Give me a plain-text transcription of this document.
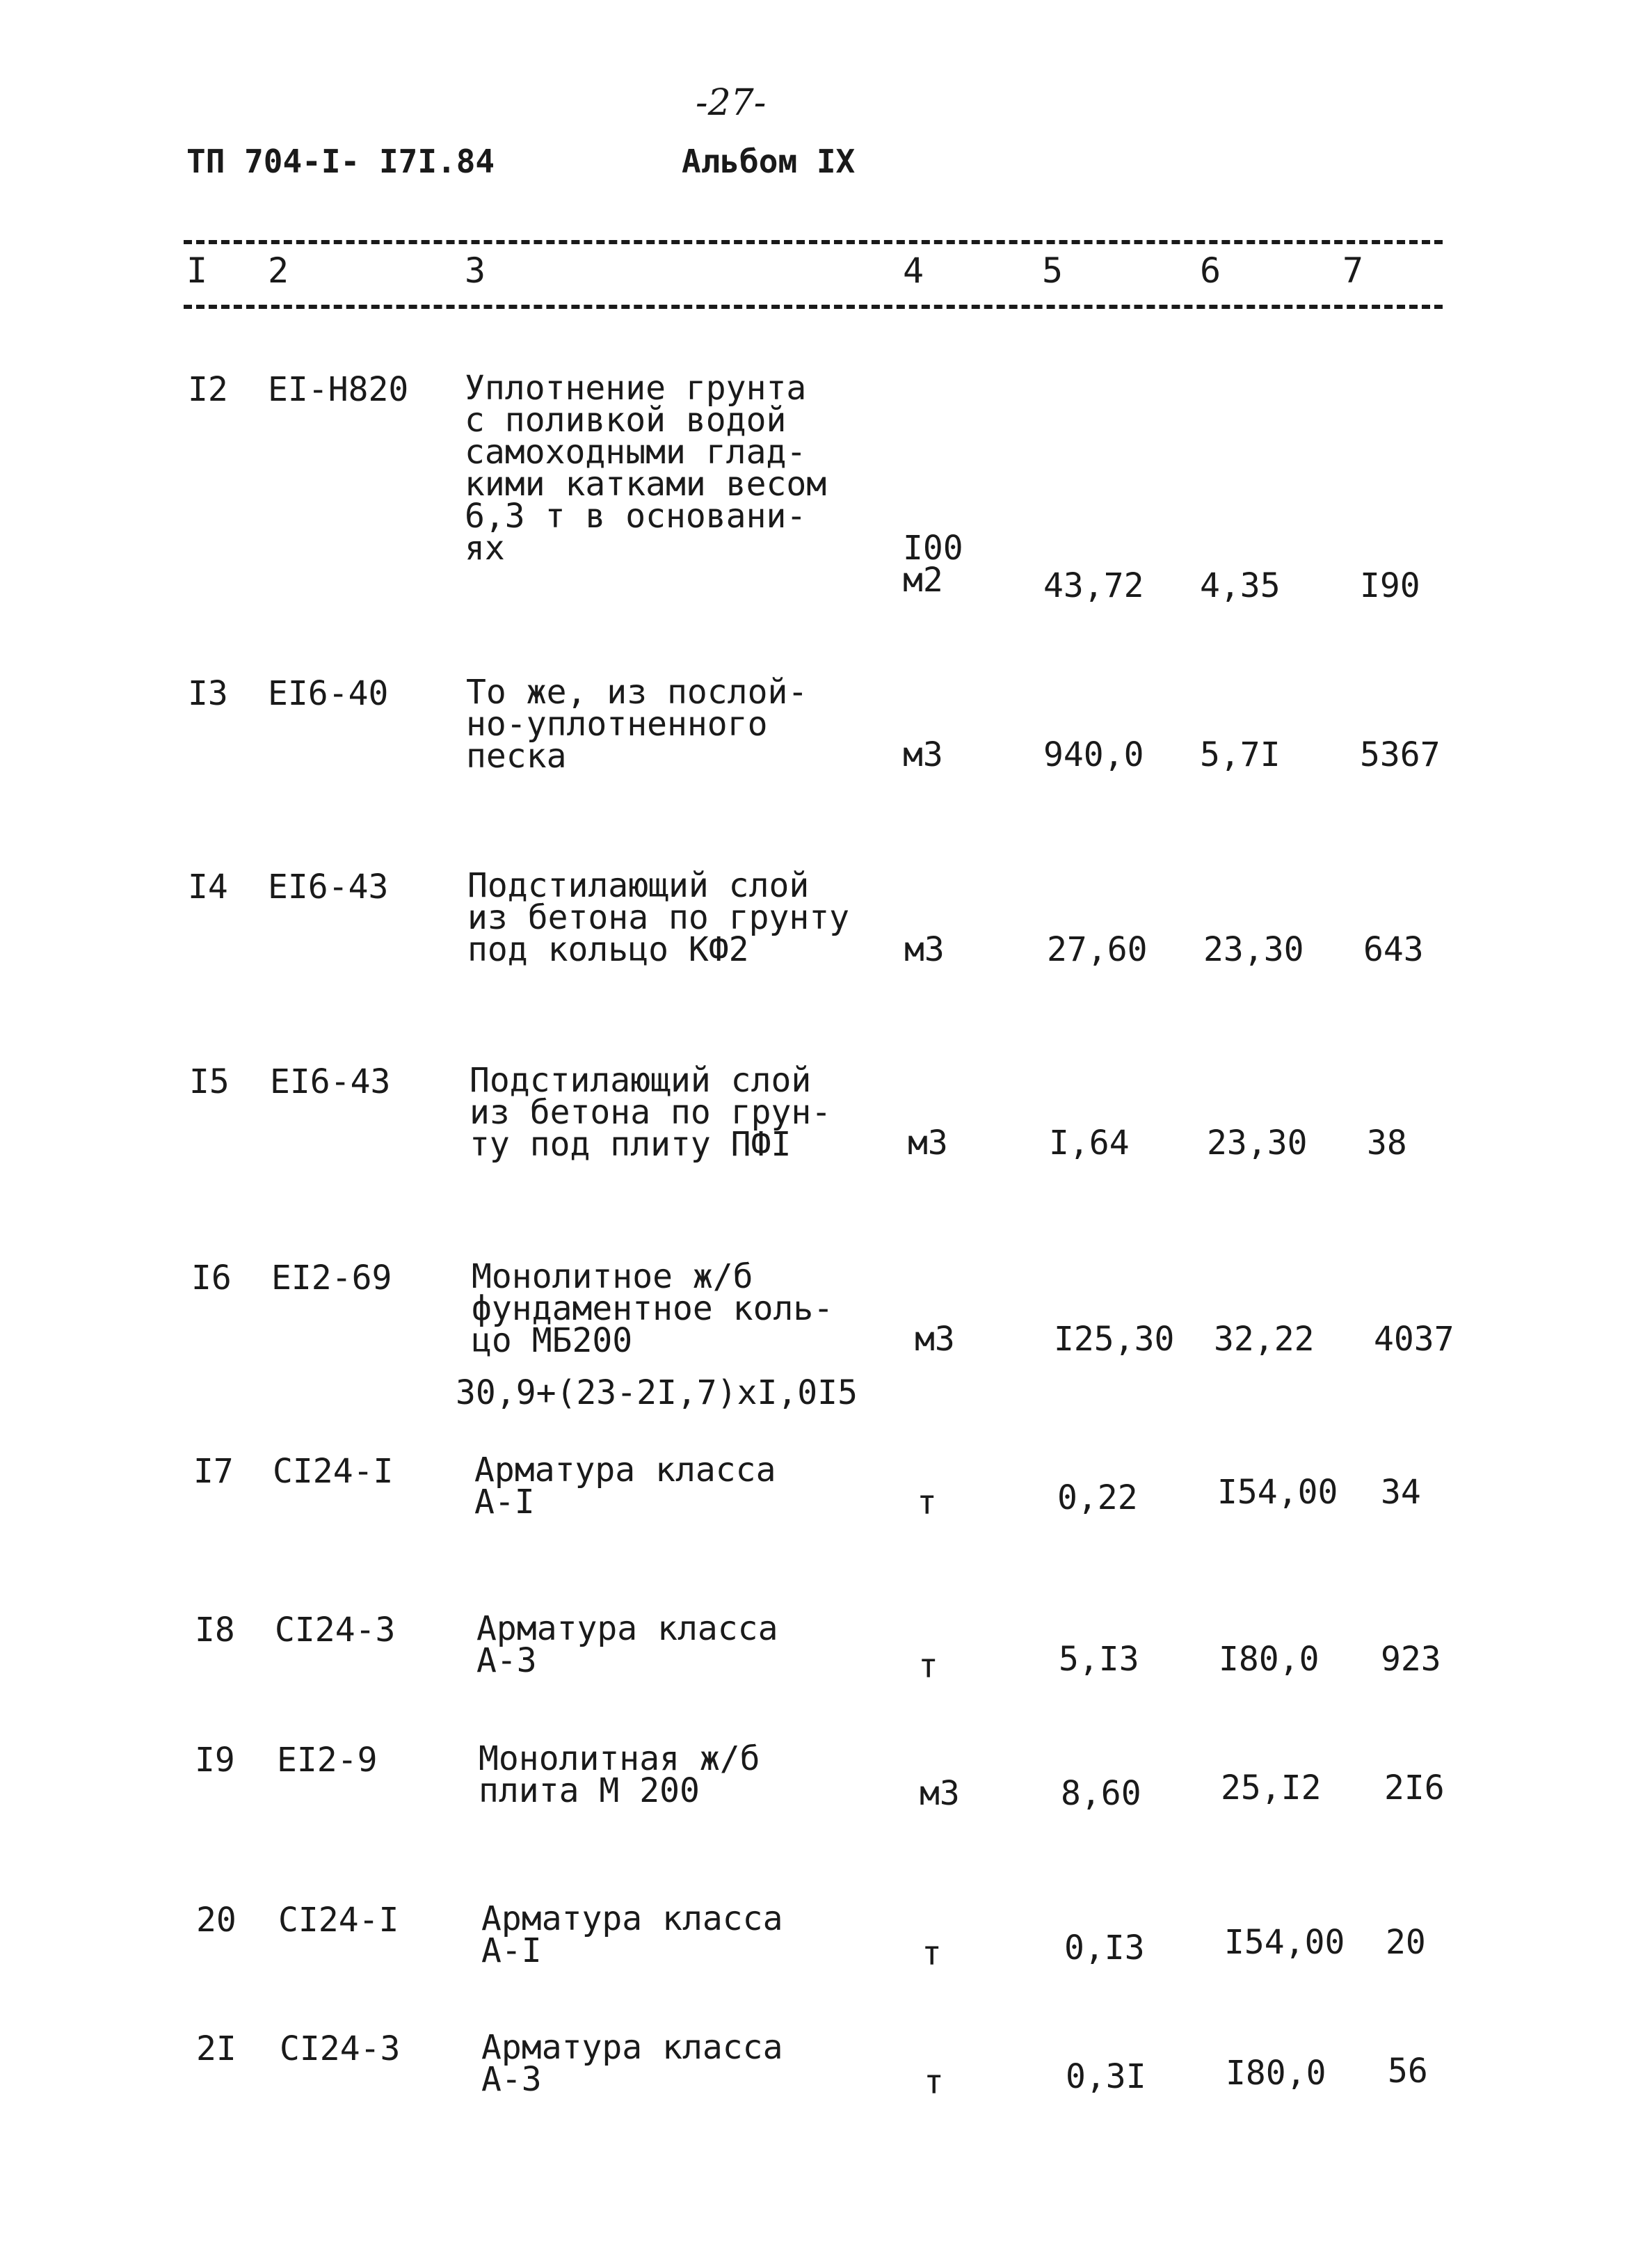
-27-
ТП 704-I- I7I.84	Альбом IX
I 2	3	4	5	6	7
I2 EI-H820 Уплотнение грунта
с поливкой водой
самоходными глад-
кими катками весом
6,3 т в основани-
ях	I00
м2	43,72 4,35 I90
I3 EI6-40 То же, из послой-
но-уплотненного
песка	м3	940,0 5,7I 5367
I4 EI6-43 Подстилающий слой
из бетона по грунту
под кольцо КФ2	м3	27,60 23,30 643
I5 EI6-43 Подстилающий слой
из бетона по грун-
ту под плиту ПФI	м3	I,64 23,30 38
I6 EI2-69 Монолитное ж/б
фундаментное коль-
цо МБ200	м3	I25,30 32,22 4037
30,9+(23-2I,7)xI,0I5
I7 CI24-I Арматура класса
А-I	т	0,22 I54,00 34
I8 CI24-3 Арматура класса
А-3	т	5,I3 I80,0 923
I9 EI2-9	Монолитная ж/б
плита М 200	м3	8,60 25,I2 2I6
20 CI24-I Арматура класса
А-I	т	0,I3 I54,00 20
2I CI24-3 Арматура класса
А-3	т	0,3I I80,0 56
